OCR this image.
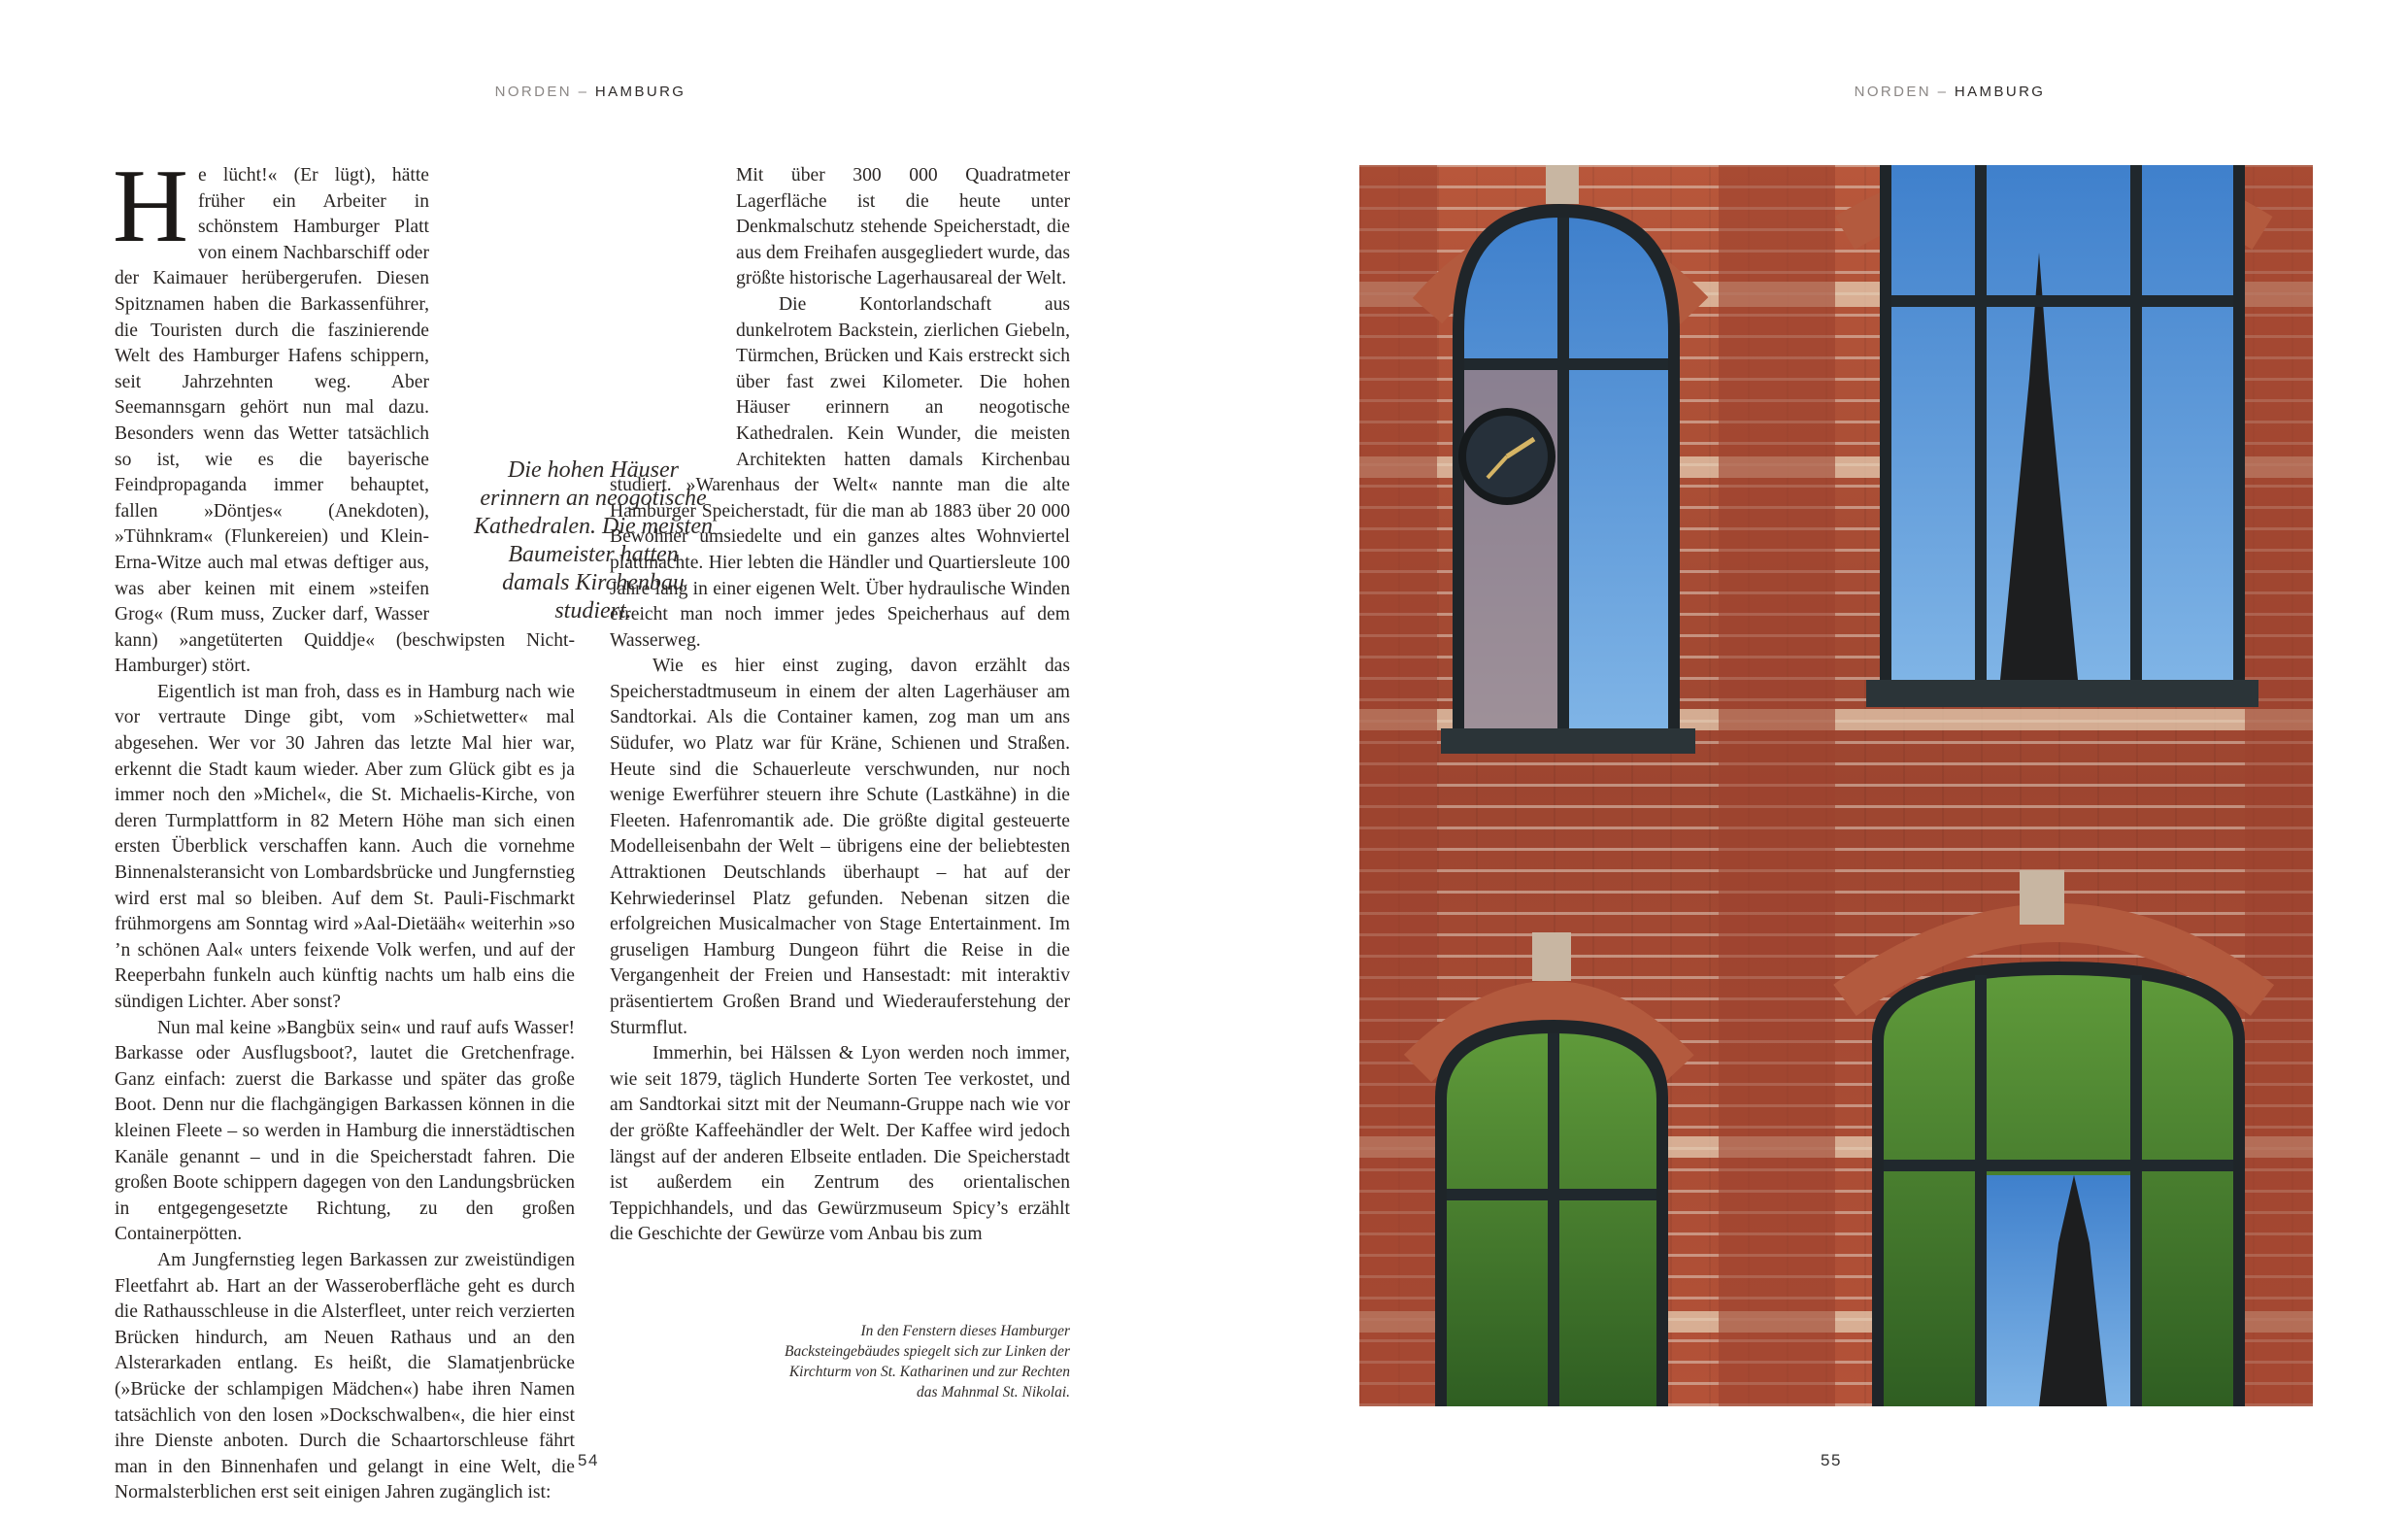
NORDEN – HAMBURG

He lücht!« (Er lügt), hätte früher ein Arbeiter in schönstem Hamburger Platt von einem Nachbarschiff oder der Kaimauer herübergerufen. Diesen Spitznamen haben die Barkassenführer, die Touristen durch die faszinierende Welt des Hamburger Hafens schippern, seit Jahrzehnten weg. Aber Seemannsgarn gehört nun mal dazu. Besonders wenn das Wetter tatsächlich so ist, wie es die bayerische Feindpropaganda immer behauptet, fallen »Döntjes« (Anekdoten), »Tühnkram« (Flunkereien) und Klein-Erna-Witze auch mal etwas deftiger aus, was aber keinen mit einem »steifen Grog« (Rum muss, Zucker darf, Wasser kann) »angetüterten Quiddje« (beschwipsten Nicht-Hamburger) stört.

Eigentlich ist man froh, dass es in Hamburg nach wie vor vertraute Dinge gibt, vom »Schietwetter« mal abgesehen. Wer vor 30 Jahren das letzte Mal hier war, erkennt die Stadt kaum wieder. Aber zum Glück gibt es ja immer noch den »Michel«, die St. Michaelis-Kirche, von deren Turmplattform in 82 Metern Höhe man sich einen ersten Überblick verschaffen kann. Auch die vornehme Binnenalsteransicht von Lombardsbrücke und Jungfernstieg wird erst mal so bleiben. Auf dem St. Pauli-Fischmarkt frühmorgens am Sonntag wird »Aal-Dietääh« weiterhin »so ’n schönen Aal« unters feixende Volk werfen, und auf der Reeperbahn funkeln auch künftig nachts um halb eins die sündigen Lichter. Aber sonst?

Nun mal keine »Bangbüx sein« und rauf aufs Wasser! Barkasse oder Ausflugsboot?, lautet die Gretchenfrage. Ganz einfach: zuerst die Barkasse und später das große Boot. Denn nur die flachgängigen Barkassen können in die kleinen Fleete – so werden in Hamburg die innerstädtischen Kanäle genannt – und in die Speicherstadt fahren. Die großen Boote schippern dagegen von den Landungsbrücken in entgegengesetzte Richtung, zu den großen Containerpötten.

Am Jungfernstieg legen Barkassen zur zweistündigen Fleetfahrt ab. Hart an der Wasseroberfläche geht es durch die Rathausschleuse in die Alsterfleet, unter reich verzierten Brücken hindurch, am Neuen Rathaus und an den Alsterarkaden entlang. Es heißt, die Slamatjenbrücke (»Brücke der schlampigen Mädchen«) habe ihren Namen tatsächlich von den losen »Dockschwalben«, die hier einst ihre Dienste anboten. Durch die Schaartorschleuse fährt man in den Binnenhafen und gelangt in eine Welt, die Normalsterblichen erst seit einigen Jahren zugänglich ist:

Mit über 300 000 Quadratmeter Lagerfläche ist die heute unter Denkmalschutz stehende Speicherstadt, die aus dem Freihafen ausgegliedert wurde, das größte historische Lagerhausareal der Welt.

Die Kontorlandschaft aus dunkelrotem Backstein, zierlichen Giebeln, Türmchen, Brücken und Kais erstreckt sich über fast zwei Kilometer. Die hohen Häuser erinnern an neogotische Kathedralen. Kein Wunder, die meisten Architekten hatten damals Kirchenbau studiert. »Warenhaus der Welt« nannte man die alte Hamburger Speicherstadt, für die man ab 1883 über 20 000 Bewohner umsiedelte und ein ganzes altes Wohnviertel plattmachte. Hier lebten die Händler und Quartiersleute 100 Jahre lang in einer eigenen Welt. Über hydraulische Winden erreicht man noch immer jedes Speicherhaus auf dem Wasserweg.

Wie es hier einst zuging, davon erzählt das Speicherstadtmuseum in einem der alten Lagerhäuser am Sandtorkai. Als die Container kamen, zog man um ans Südufer, wo Platz war für Kräne, Schienen und Straßen. Heute sind die Schauerleute verschwunden, nur noch wenige Ewerführer steuern ihre Schute (Lastkähne) in die Fleeten. Hafenromantik ade. Die größte digital gesteuerte Modelleisenbahn der Welt – übrigens eine der beliebtesten Attraktionen Deutschlands überhaupt – hat auf der Kehrwiederinsel Platz gefunden. Nebenan sitzen die erfolgreichen Musicalmacher von Stage Entertainment. Im gruseligen Hamburg Dungeon führt die Reise in die Vergangenheit der Freien und Hansestadt: mit interaktiv präsentiertem Großen Brand und Wiederauferstehung der Sturmflut.

Immerhin, bei Hälssen & Lyon werden noch immer, wie seit 1879, täglich Hunderte Sorten Tee verkostet, und am Sandtorkai sitzt mit der Neumann-Gruppe nach wie vor der größte Kaffeehändler der Welt. Der Kaffee wird jedoch längst auf der anderen Elbseite entladen. Die Speicherstadt ist außerdem ein Zentrum des orientalischen Teppichhandels, und das Gewürzmuseum Spicy’s erzählt die Geschichte der Gewürze vom Anbau bis zum

Die hohen Häuser erinnern an neogotische Kathedralen. Die meisten Baumeister hatten damals Kirchenbau studiert.
In den Fenstern dieses Hamburger Backsteingebäudes spiegelt sich zur Linken der Kirchturm von St. Katharinen und zur Rechten das Mahnmal St. Nikolai.
54
NORDEN – HAMBURG
55
